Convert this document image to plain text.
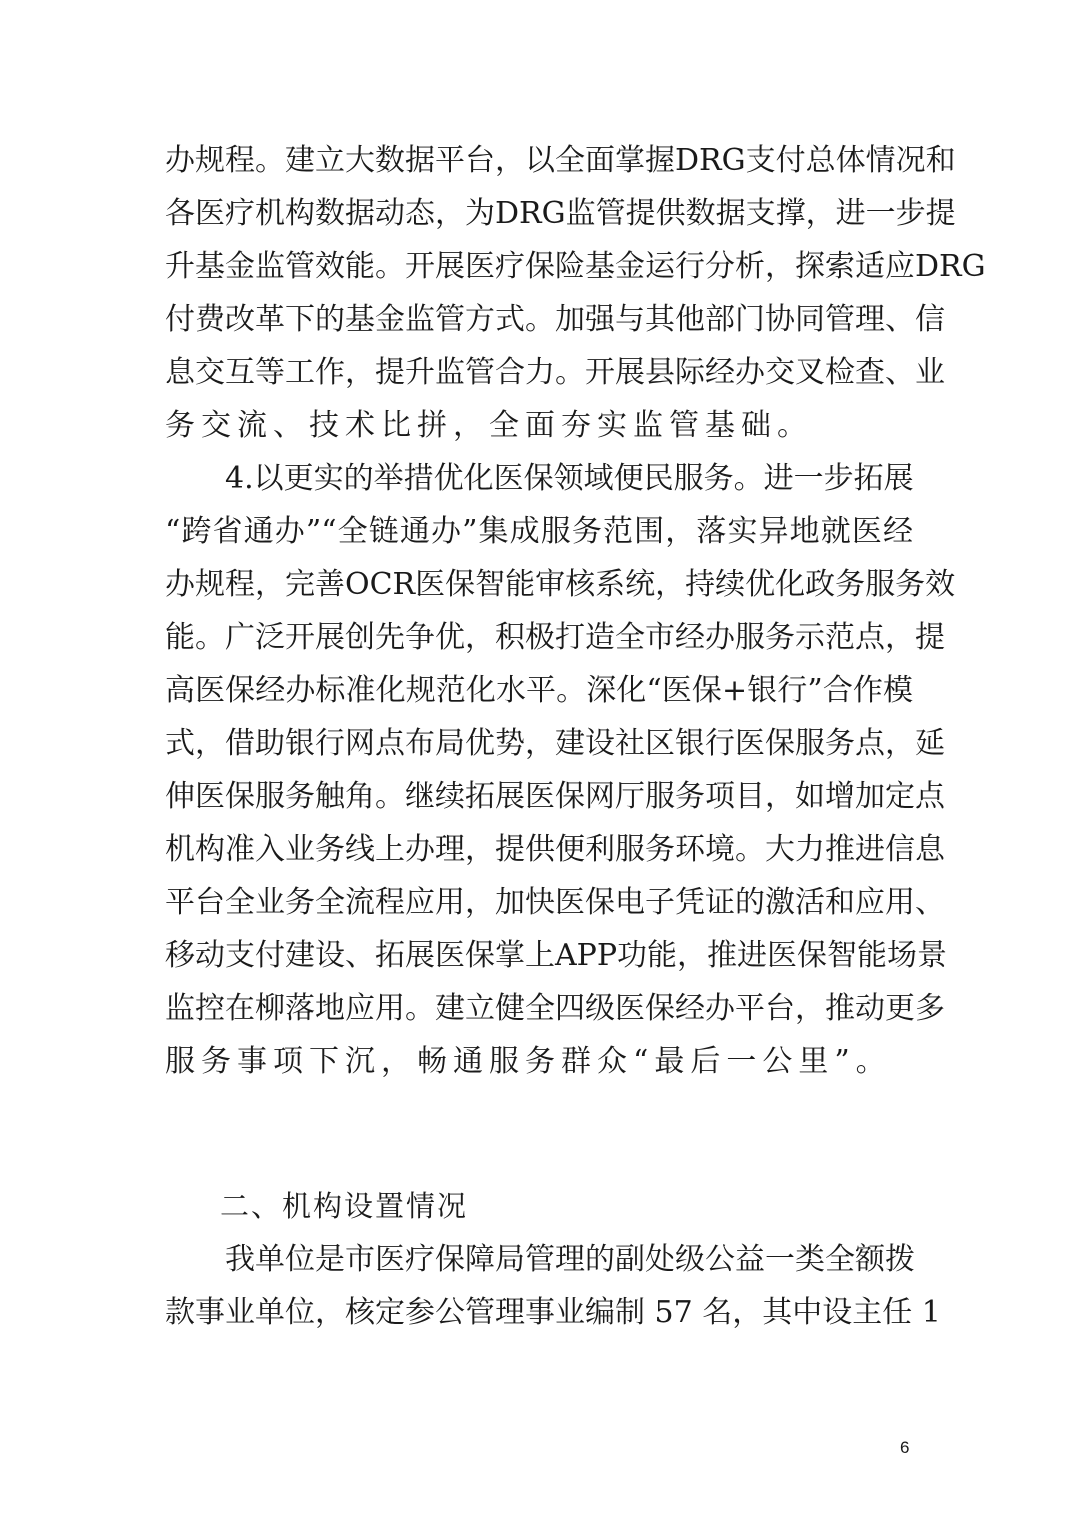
办规程。建立大数据平台，以全面掌握DRG支付总体情况和
各医疗机构数据动态，为DRG监管提供数据支撑，进一步提
升基金监管效能。开展医疗保险基金运行分析，探索适应DRG
付费改革下的基金监管方式。加强与其他部门协同管理、信
息交互等工作，提升监管合力。开展县际经办交叉检查、业
务交流、技术比拼，全面夯实监管基础。
4.以更实的举措优化医保领域便民服务。进一步拓展
“跨省通办”“全链通办”集成服务范围，落实异地就医经
办规程，完善OCR医保智能审核系统，持续优化政务服务效
能。广泛开展创先争优，积极打造全市经办服务示范点，提
高医保经办标准化规范化水平。深化“医保+银行”合作模
式，借助银行网点布局优势，建设社区银行医保服务点，延
伸医保服务触角。继续拓展医保网厅服务项目，如增加定点
机构准入业务线上办理，提供便利服务环境。大力推进信息
平台全业务全流程应用，加快医保电子凭证的激活和应用、
移动支付建设、拓展医保掌上APP功能，推进医保智能场景
监控在柳落地应用。建立健全四级医保经办平台，推动更多
服务事项下沉，畅通服务群众“最后一公里”。
二、机构设置情况
我单位是市医疗保障局管理的副处级公益一类全额拨
款事业单位，核定参公管理事业编制 57 名，其中设主任 1
6
